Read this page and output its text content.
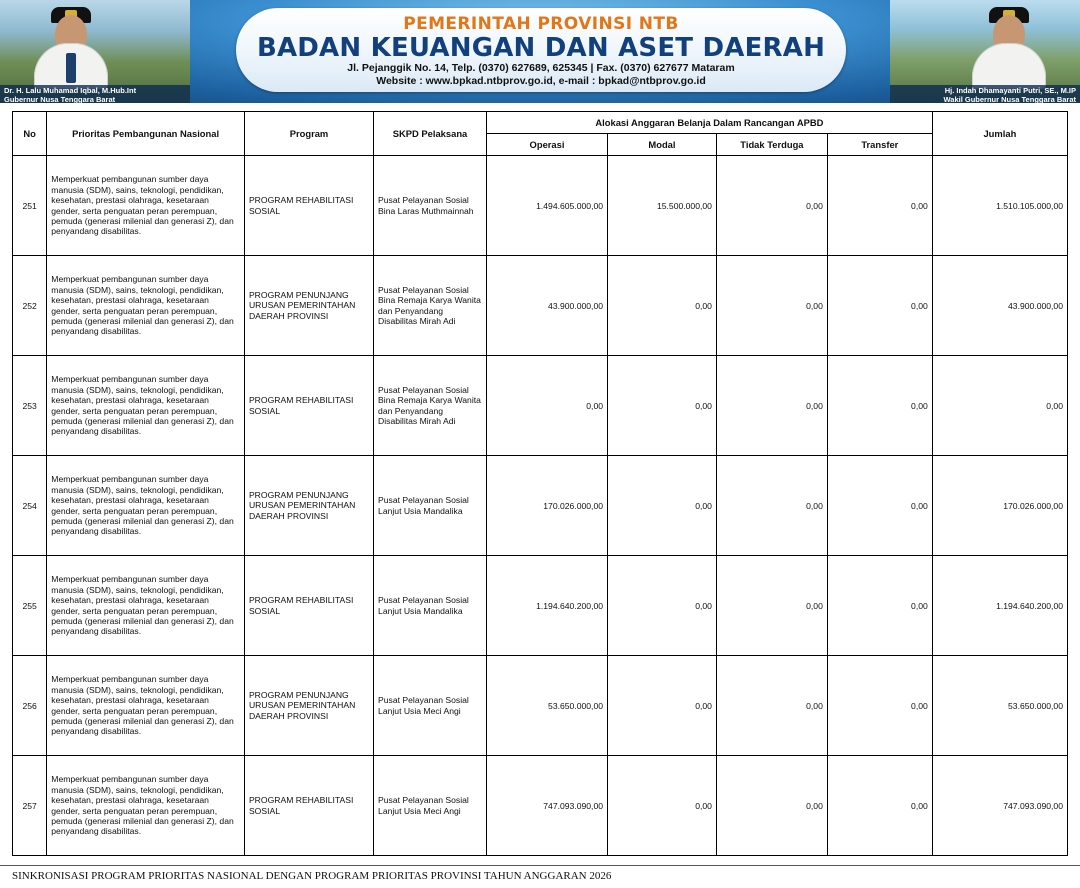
Dr. H. Lalu Muhamad Iqbal, M.Hub.Int
Gubernur Nusa Tenggara Barat
PEMERINTAH PROVINSI NTB
BADAN KEUANGAN DAN ASET DAERAH
Jl. Pejanggik No. 14, Telp. (0370) 627689, 625345 | Fax. (0370) 627677 Mataram
Website : www.bpkad.ntbprov.go.id, e-mail : bpkad@ntbprov.go.id
Hj. Indah Dhamayanti Putri, SE., M.IP
Wakil Gubernur Nusa Tenggara Barat
No	Prioritas Pembangunan Nasional	Program	SKPD Pelaksana	Alokasi Anggaran Belanja Dalam Rancangan APBD				Jumlah
				Operasi	Modal	Tidak Terduga	Transfer	
251	Memperkuat pembangunan sumber daya manusia (SDM), sains, teknologi, pendidikan, kesehatan, prestasi olahraga, kesetaraan gender, serta penguatan peran perempuan, pemuda (generasi milenial dan generasi Z), dan penyandang disabilitas.	PROGRAM REHABILITASI SOSIAL	Pusat Pelayanan Sosial Bina Laras Muthmainnah	1.494.605.000,00	15.500.000,00	0,00	0,00	1.510.105.000,00
252	Memperkuat pembangunan sumber daya manusia (SDM), sains, teknologi, pendidikan, kesehatan, prestasi olahraga, kesetaraan gender, serta penguatan peran perempuan, pemuda (generasi milenial dan generasi Z), dan penyandang disabilitas.	PROGRAM PENUNJANG URUSAN PEMERINTAHAN DAERAH PROVINSI	Pusat Pelayanan Sosial Bina Remaja Karya Wanita dan Penyandang Disabilitas Mirah Adi	43.900.000,00	0,00	0,00	0,00	43.900.000,00
253	Memperkuat pembangunan sumber daya manusia (SDM), sains, teknologi, pendidikan, kesehatan, prestasi olahraga, kesetaraan gender, serta penguatan peran perempuan, pemuda (generasi milenial dan generasi Z), dan penyandang disabilitas.	PROGRAM REHABILITASI SOSIAL	Pusat Pelayanan Sosial Bina Remaja Karya Wanita dan Penyandang Disabilitas Mirah Adi	0,00	0,00	0,00	0,00	0,00
254	Memperkuat pembangunan sumber daya manusia (SDM), sains, teknologi, pendidikan, kesehatan, prestasi olahraga, kesetaraan gender, serta penguatan peran perempuan, pemuda (generasi milenial dan generasi Z), dan penyandang disabilitas.	PROGRAM PENUNJANG URUSAN PEMERINTAHAN DAERAH PROVINSI	Pusat Pelayanan Sosial Lanjut Usia Mandalika	170.026.000,00	0,00	0,00	0,00	170.026.000,00
255	Memperkuat pembangunan sumber daya manusia (SDM), sains, teknologi, pendidikan, kesehatan, prestasi olahraga, kesetaraan gender, serta penguatan peran perempuan, pemuda (generasi milenial dan generasi Z), dan penyandang disabilitas.	PROGRAM REHABILITASI SOSIAL	Pusat Pelayanan Sosial Lanjut Usia Mandalika	1.194.640.200,00	0,00	0,00	0,00	1.194.640.200,00
256	Memperkuat pembangunan sumber daya manusia (SDM), sains, teknologi, pendidikan, kesehatan, prestasi olahraga, kesetaraan gender, serta penguatan peran perempuan, pemuda (generasi milenial dan generasi Z), dan penyandang disabilitas.	PROGRAM PENUNJANG URUSAN PEMERINTAHAN DAERAH PROVINSI	Pusat Pelayanan Sosial Lanjut Usia Meci Angi	53.650.000,00	0,00	0,00	0,00	53.650.000,00
257	Memperkuat pembangunan sumber daya manusia (SDM), sains, teknologi, pendidikan, kesehatan, prestasi olahraga, kesetaraan gender, serta penguatan peran perempuan, pemuda (generasi milenial dan generasi Z), dan penyandang disabilitas.	PROGRAM REHABILITASI SOSIAL	Pusat Pelayanan Sosial Lanjut Usia Meci Angi	747.093.090,00	0,00	0,00	0,00	747.093.090,00
SINKRONISASI PROGRAM PRIORITAS NASIONAL DENGAN PROGRAM PRIORITAS PROVINSI TAHUN ANGGARAN 2026
